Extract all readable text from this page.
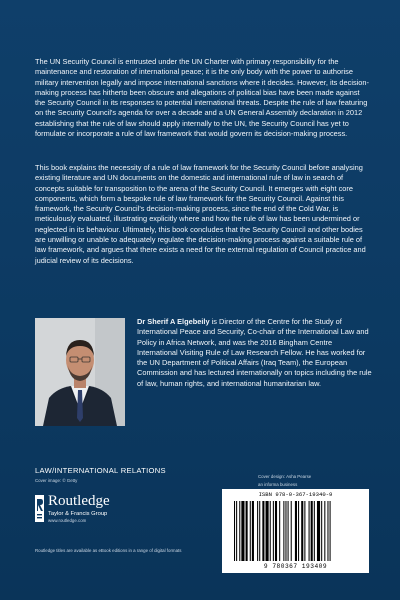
The UN Security Council is entrusted under the UN Charter with primary responsibility for the maintenance and restoration of international peace; it is the only body with the power to authorise military intervention legally and impose international sanctions where it decides. However, its decision-making process has hitherto been obscure and allegations of political bias have been made against the Security Council in its responses to potential international threats. Despite the rule of law featuring on the Security Council's agenda for over a decade and a UN General Assembly declaration in 2012 establishing that the rule of law should apply internally to the UN, the Security Council has yet to formulate or incorporate a rule of law framework that would govern its decision-making process.

This book explains the necessity of a rule of law framework for the Security Council before analysing existing literature and UN documents on the domestic and international rule of law in search of concepts suitable for transposition to the arena of the Security Council. It emerges with eight core components, which form a bespoke rule of law framework for the Security Council. Against this framework, the Security Council's decision-making process, since the end of the Cold War, is meticulously evaluated, illustrating explicitly where and how the rule of law has been undermined or neglected in its behaviour. Ultimately, this book concludes that the Security Council and other bodies are unwilling or unable to adequately regulate the decision-making process against a suitable rule of law framework, and argues that there exists a need for the external regulation of Council practice and judicial review of its decisions.

Dr Sherif A Elgebeily is Director of the Centre for the Study of International Peace and Security, Co-chair of the International Law and Policy in Africa Network, and was the 2016 Bingham Centre International Visiting Rule of Law Research Fellow. He has worked for the UN Department of Political Affairs (Iraq Team), the European Commission and has lectured internationally on topics including the rule of law, human rights, and international humanitarian law.

LAW/INTERNATIONAL RELATIONS
Cover image: © Getty
Cover design: Asha Pearse
an informa business
Routledge
Taylor & Francis Group
www.routledge.com
Routledge titles are available as eBook editions in a range of digital formats
ISBN 978-0-367-19340-9
9 780367 193409
